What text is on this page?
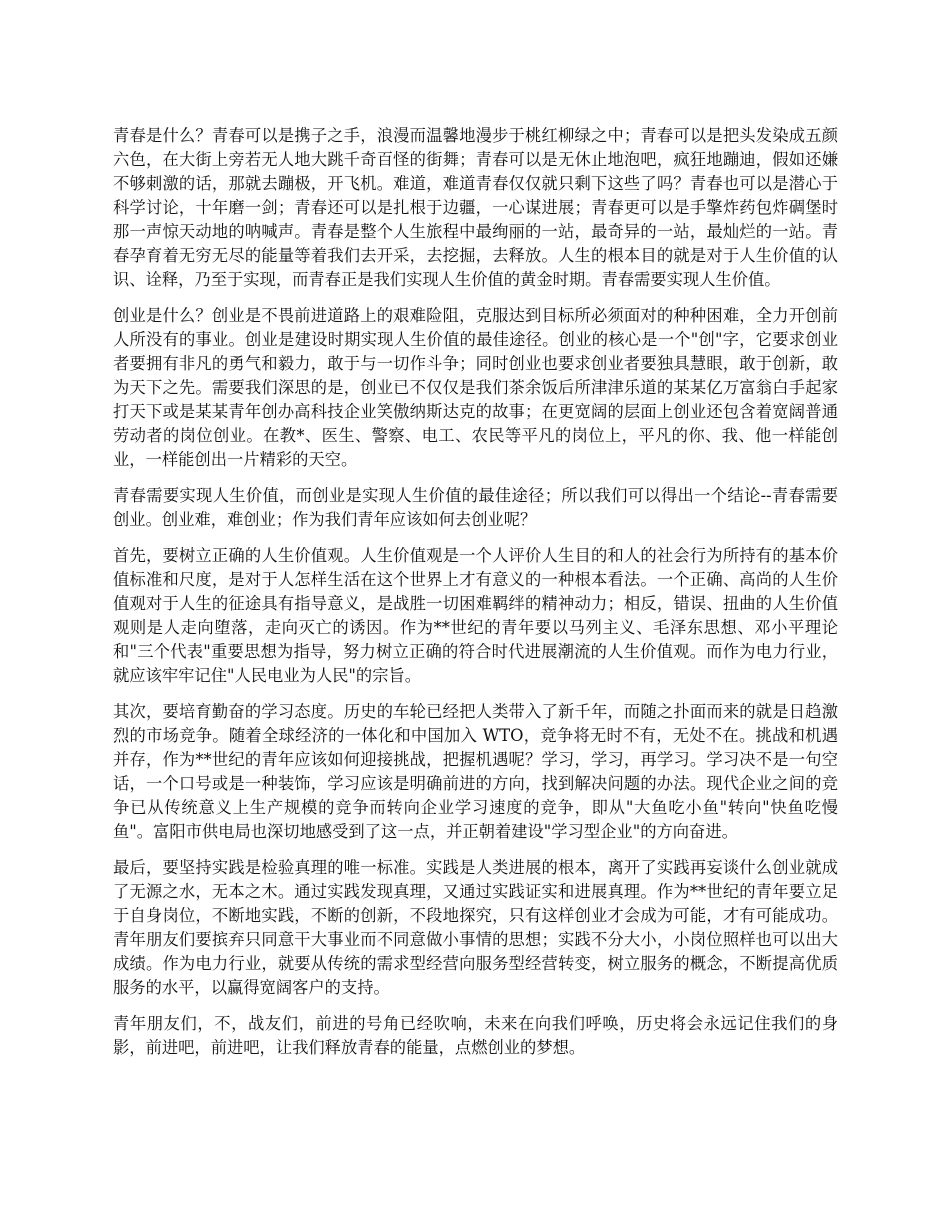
青春是什么？青春可以是携子之手，浪漫而温馨地漫步于桃红柳绿之中；青春可以是把头发染成五颜六色，在大街上旁若无人地大跳千奇百怪的街舞；青春可以是无休止地泡吧，疯狂地蹦迪，假如还嫌不够刺激的话，那就去蹦极，开飞机。难道，难道青春仅仅就只剩下这些了吗？青春也可以是潜心于科学讨论，十年磨一剑；青春还可以是扎根于边疆，一心谋进展；青春更可以是手擎炸药包炸碉堡时那一声惊天动地的呐喊声。青春是整个人生旅程中最绚丽的一站，最奇异的一站，最灿烂的一站。青春孕育着无穷无尽的能量等着我们去开采，去挖掘，去释放。人生的根本目的就是对于人生价值的认识、诠释，乃至于实现，而青春正是我们实现人生价值的黄金时期。青春需要实现人生价值。

创业是什么？创业是不畏前进道路上的艰难险阻，克服达到目标所必须面对的种种困难，全力开创前人所没有的事业。创业是建设时期实现人生价值的最佳途径。创业的核心是一个"创"字，它要求创业者要拥有非凡的勇气和毅力，敢于与一切作斗争；同时创业也要求创业者要独具慧眼，敢于创新，敢为天下之先。需要我们深思的是，创业已不仅仅是我们茶余饭后所津津乐道的某某亿万富翁白手起家打天下或是某某青年创办高科技企业笑傲纳斯达克的故事；在更宽阔的层面上创业还包含着宽阔普通劳动者的岗位创业。在教*、医生、警察、电工、农民等平凡的岗位上，平凡的你、我、他一样能创业，一样能创出一片精彩的天空。

青春需要实现人生价值，而创业是实现人生价值的最佳途径；所以我们可以得出一个结论--青春需要创业。创业难，难创业；作为我们青年应该如何去创业呢？

首先，要树立正确的人生价值观。人生价值观是一个人评价人生目的和人的社会行为所持有的基本价值标准和尺度，是对于人怎样生活在这个世界上才有意义的一种根本看法。一个正确、高尚的人生价值观对于人生的征途具有指导意义，是战胜一切困难羁绊的精神动力；相反，错误、扭曲的人生价值观则是人走向堕落，走向灭亡的诱因。作为**世纪的青年要以马列主义、毛泽东思想、邓小平理论和"三个代表"重要思想为指导，努力树立正确的符合时代进展潮流的人生价值观。而作为电力行业，就应该牢牢记住"人民电业为人民"的宗旨。

其次，要培育勤奋的学习态度。历史的车轮已经把人类带入了新千年，而随之扑面而来的就是日趋激烈的市场竞争。随着全球经济的一体化和中国加入 WTO，竞争将无时不有，无处不在。挑战和机遇并存，作为**世纪的青年应该如何迎接挑战，把握机遇呢？学习，学习，再学习。学习决不是一句空话，一个口号或是一种装饰，学习应该是明确前进的方向，找到解决问题的办法。现代企业之间的竞争已从传统意义上生产规模的竞争而转向企业学习速度的竞争，即从"大鱼吃小鱼"转向"快鱼吃慢鱼"。富阳市供电局也深切地感受到了这一点，并正朝着建设"学习型企业"的方向奋进。

最后，要坚持实践是检验真理的唯一标准。实践是人类进展的根本，离开了实践再妄谈什么创业就成了无源之水，无本之木。通过实践发现真理，又通过实践证实和进展真理。作为**世纪的青年要立足于自身岗位，不断地实践，不断的创新，不段地探究，只有这样创业才会成为可能，才有可能成功。青年朋友们要摈弃只同意干大事业而不同意做小事情的思想；实践不分大小，小岗位照样也可以出大成绩。作为电力行业，就要从传统的需求型经营向服务型经营转变，树立服务的概念，不断提高优质服务的水平，以赢得宽阔客户的支持。

青年朋友们，不，战友们，前进的号角已经吹响，未来在向我们呼唤，历史将会永远记住我们的身影，前进吧，前进吧，让我们释放青春的能量，点燃创业的梦想。
